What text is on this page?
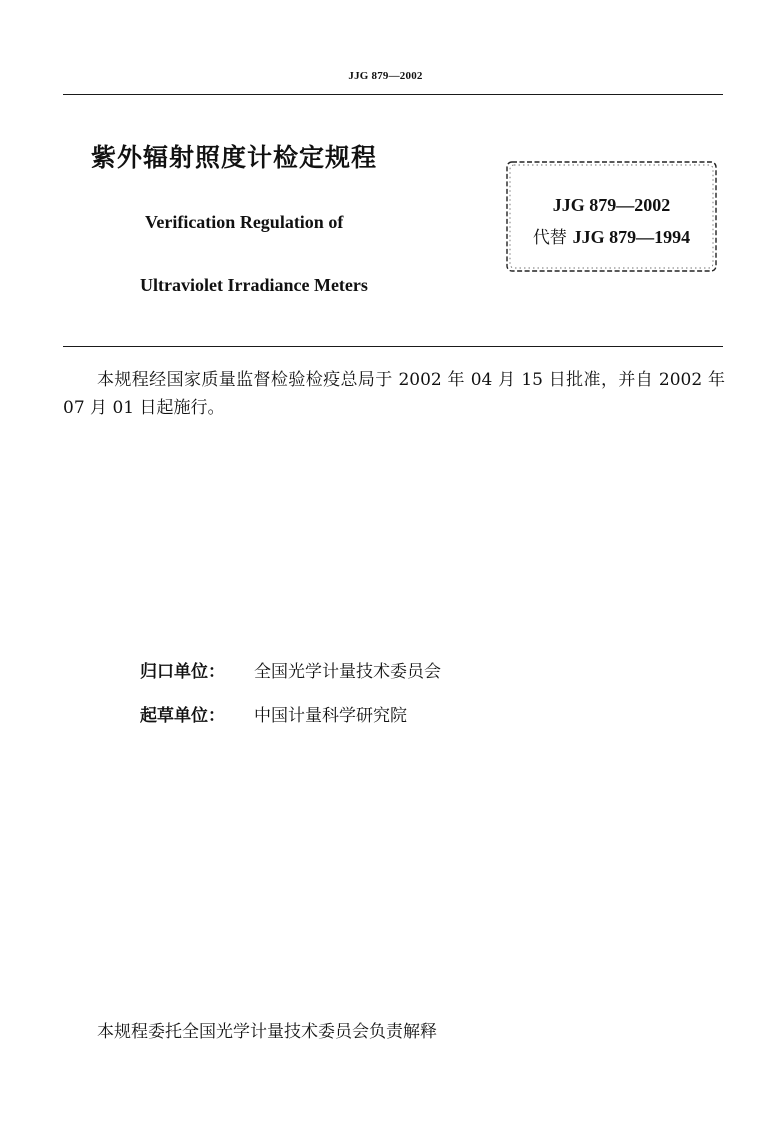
JJG 879—2002
紫外辐射照度计检定规程
Verification Regulation of
Ultraviolet Irradiance Meters
JJG 879—2002
代替 JJG 879—1994
本规程经国家质量监督检验检疫总局于 2002 年 04 月 15 日批准，并自 2002 年 07 月 01 日起施行。
归口单位： 全国光学计量技术委员会
起草单位： 中国计量科学研究院
本规程委托全国光学计量技术委员会负责解释
